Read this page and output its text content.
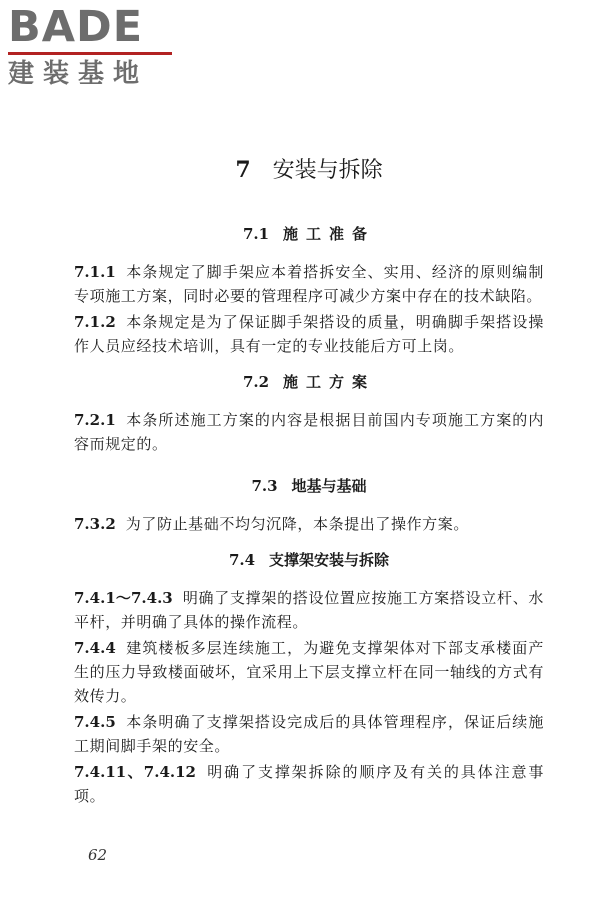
BADE
建装基地
7 安装与拆除
7.1 施工准备

7.1.1 本条规定了脚手架应本着搭拆安全、实用、经济的原则编制专项施工方案，同时必要的管理程序可减少方案中存在的技术缺陷。

7.1.2 本条规定是为了保证脚手架搭设的质量，明确脚手架搭设操作人员应经技术培训，具有一定的专业技能后方可上岗。

7.2 施工方案

7.2.1 本条所述施工方案的内容是根据目前国内专项施工方案的内容而规定的。

7.3 地基与基础

7.3.2 为了防止基础不均匀沉降，本条提出了操作方案。

7.4 支撑架安装与拆除

7.4.1～7.4.3 明确了支撑架的搭设位置应按施工方案搭设立杆、水平杆，并明确了具体的操作流程。

7.4.4 建筑楼板多层连续施工，为避免支撑架体对下部支承楼面产生的压力导致楼面破坏，宜采用上下层支撑立杆在同一轴线的方式有效传力。

7.4.5 本条明确了支撑架搭设完成后的具体管理程序，保证后续施工期间脚手架的安全。

7.4.11、7.4.12 明确了支撑架拆除的顺序及有关的具体注意事项。

62
